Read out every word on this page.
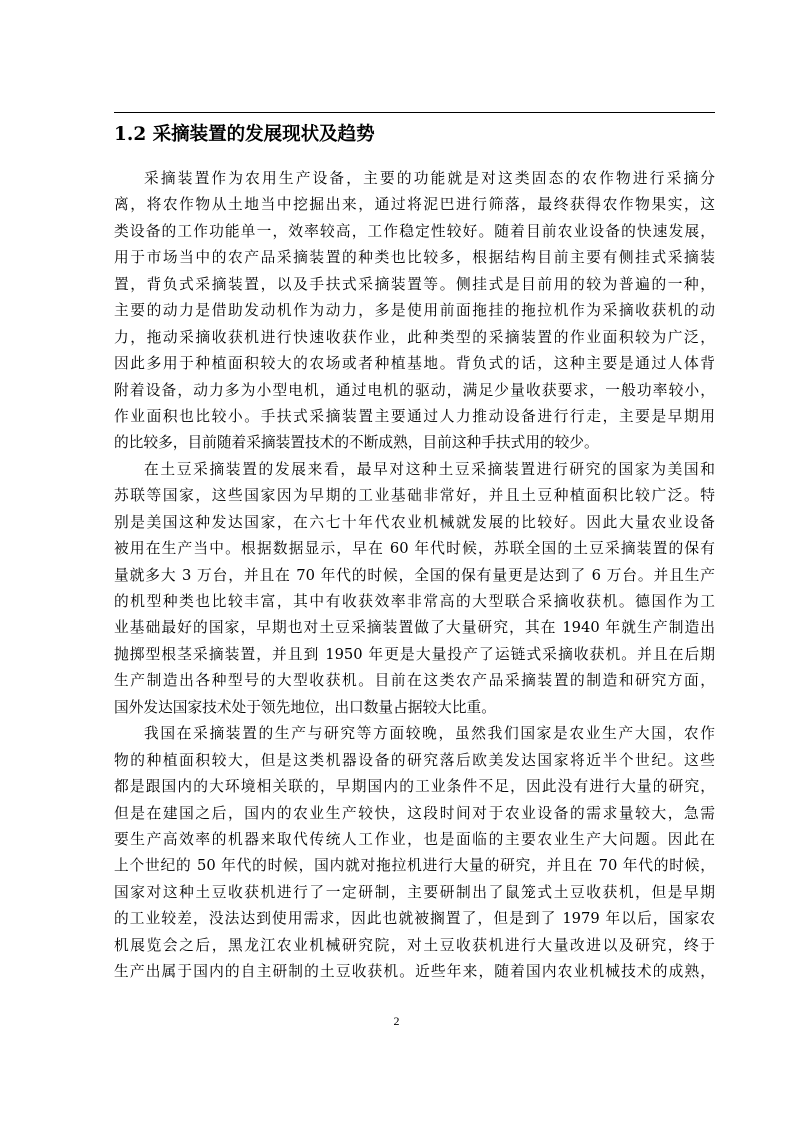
1.2 采摘装置的发展现状及趋势
采摘装置作为农用生产设备，主要的功能就是对这类固态的农作物进行采摘分
离，将农作物从土地当中挖掘出来，通过将泥巴进行筛落，最终获得农作物果实，这
类设备的工作功能单一，效率较高，工作稳定性较好。随着目前农业设备的快速发展，
用于市场当中的农产品采摘装置的种类也比较多，根据结构目前主要有侧挂式采摘装
置，背负式采摘装置，以及手扶式采摘装置等。侧挂式是目前用的较为普遍的一种，
主要的动力是借助发动机作为动力，多是使用前面拖挂的拖拉机作为采摘收获机的动
力，拖动采摘收获机进行快速收获作业，此种类型的采摘装置的作业面积较为广泛，
因此多用于种植面积较大的农场或者种植基地。背负式的话，这种主要是通过人体背
附着设备，动力多为小型电机，通过电机的驱动，满足少量收获要求，一般功率较小，
作业面积也比较小。手扶式采摘装置主要通过人力推动设备进行行走，主要是早期用
的比较多，目前随着采摘装置技术的不断成熟，目前这种手扶式用的较少。
在土豆采摘装置的发展来看，最早对这种土豆采摘装置进行研究的国家为美国和
苏联等国家，这些国家因为早期的工业基础非常好，并且土豆种植面积比较广泛。特
别是美国这种发达国家，在六七十年代农业机械就发展的比较好。因此大量农业设备
被用在生产当中。根据数据显示，早在 60 年代时候，苏联全国的土豆采摘装置的保有
量就多大 3 万台，并且在 70 年代的时候，全国的保有量更是达到了 6 万台。并且生产
的机型种类也比较丰富，其中有收获效率非常高的大型联合采摘收获机。德国作为工
业基础最好的国家，早期也对土豆采摘装置做了大量研究，其在 1940 年就生产制造出
抛掷型根茎采摘装置，并且到 1950 年更是大量投产了运链式采摘收获机。并且在后期
生产制造出各种型号的大型收获机。目前在这类农产品采摘装置的制造和研究方面，
国外发达国家技术处于领先地位，出口数量占据较大比重。
我国在采摘装置的生产与研究等方面较晚，虽然我们国家是农业生产大国，农作
物的种植面积较大，但是这类机器设备的研究落后欧美发达国家将近半个世纪。这些
都是跟国内的大环境相关联的，早期国内的工业条件不足，因此没有进行大量的研究，
但是在建国之后，国内的农业生产较快，这段时间对于农业设备的需求量较大，急需
要生产高效率的机器来取代传统人工作业，也是面临的主要农业生产大问题。因此在
上个世纪的 50 年代的时候，国内就对拖拉机进行大量的研究，并且在 70 年代的时候，
国家对这种土豆收获机进行了一定研制，主要研制出了鼠笼式土豆收获机，但是早期
的工业较差，没法达到使用需求，因此也就被搁置了，但是到了 1979 年以后，国家农
机展览会之后，黑龙江农业机械研究院，对土豆收获机进行大量改进以及研究，终于
生产出属于国内的自主研制的土豆收获机。近些年来，随着国内农业机械技术的成熟，
2
